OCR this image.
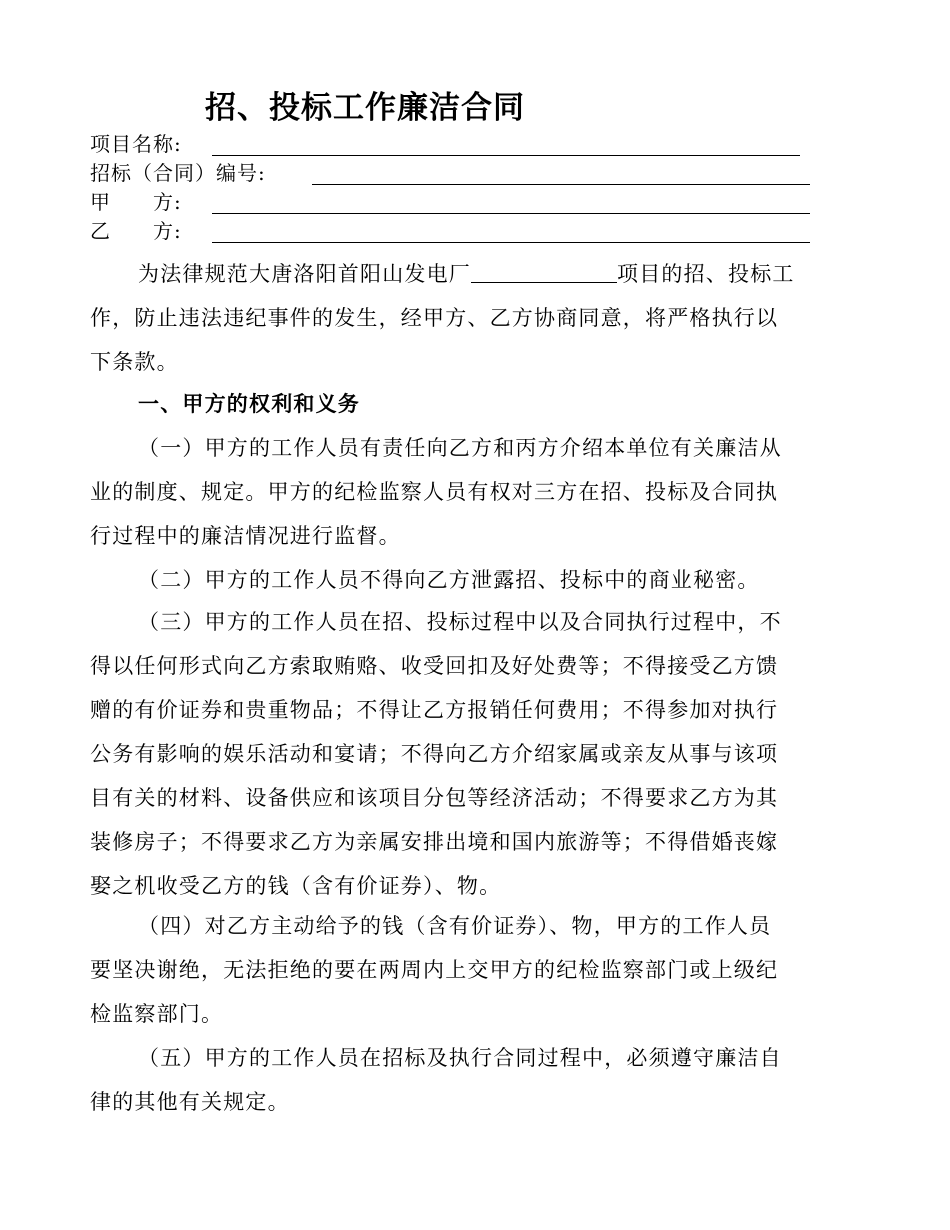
招、投标工作廉洁合同
项目名称:
招标（合同）编号:
甲　　方:
乙　　方:
为法律规范大唐洛阳首阳山发电厂	项目的招、投标工
作，防止违法违纪事件的发生，经甲方、乙方协商同意，将严格执行以
下条款。
一、甲方的权利和义务
（一）甲方的工作人员有责任向乙方和丙方介绍本单位有关廉洁从
业的制度、规定。甲方的纪检监察人员有权对三方在招、投标及合同执
行过程中的廉洁情况进行监督。
（二）甲方的工作人员不得向乙方泄露招、投标中的商业秘密。
（三）甲方的工作人员在招、投标过程中以及合同执行过程中，不
得以任何形式向乙方索取贿赂、收受回扣及好处费等；不得接受乙方馈
赠的有价证券和贵重物品；不得让乙方报销任何费用；不得参加对执行
公务有影响的娱乐活动和宴请；不得向乙方介绍家属或亲友从事与该项
目有关的材料、设备供应和该项目分包等经济活动；不得要求乙方为其
装修房子；不得要求乙方为亲属安排出境和国内旅游等；不得借婚丧嫁
娶之机收受乙方的钱（含有价证券）、物。
（四）对乙方主动给予的钱（含有价证券）、物，甲方的工作人员
要坚决谢绝，无法拒绝的要在两周内上交甲方的纪检监察部门或上级纪
检监察部门。
（五）甲方的工作人员在招标及执行合同过程中，必须遵守廉洁自
律的其他有关规定。
